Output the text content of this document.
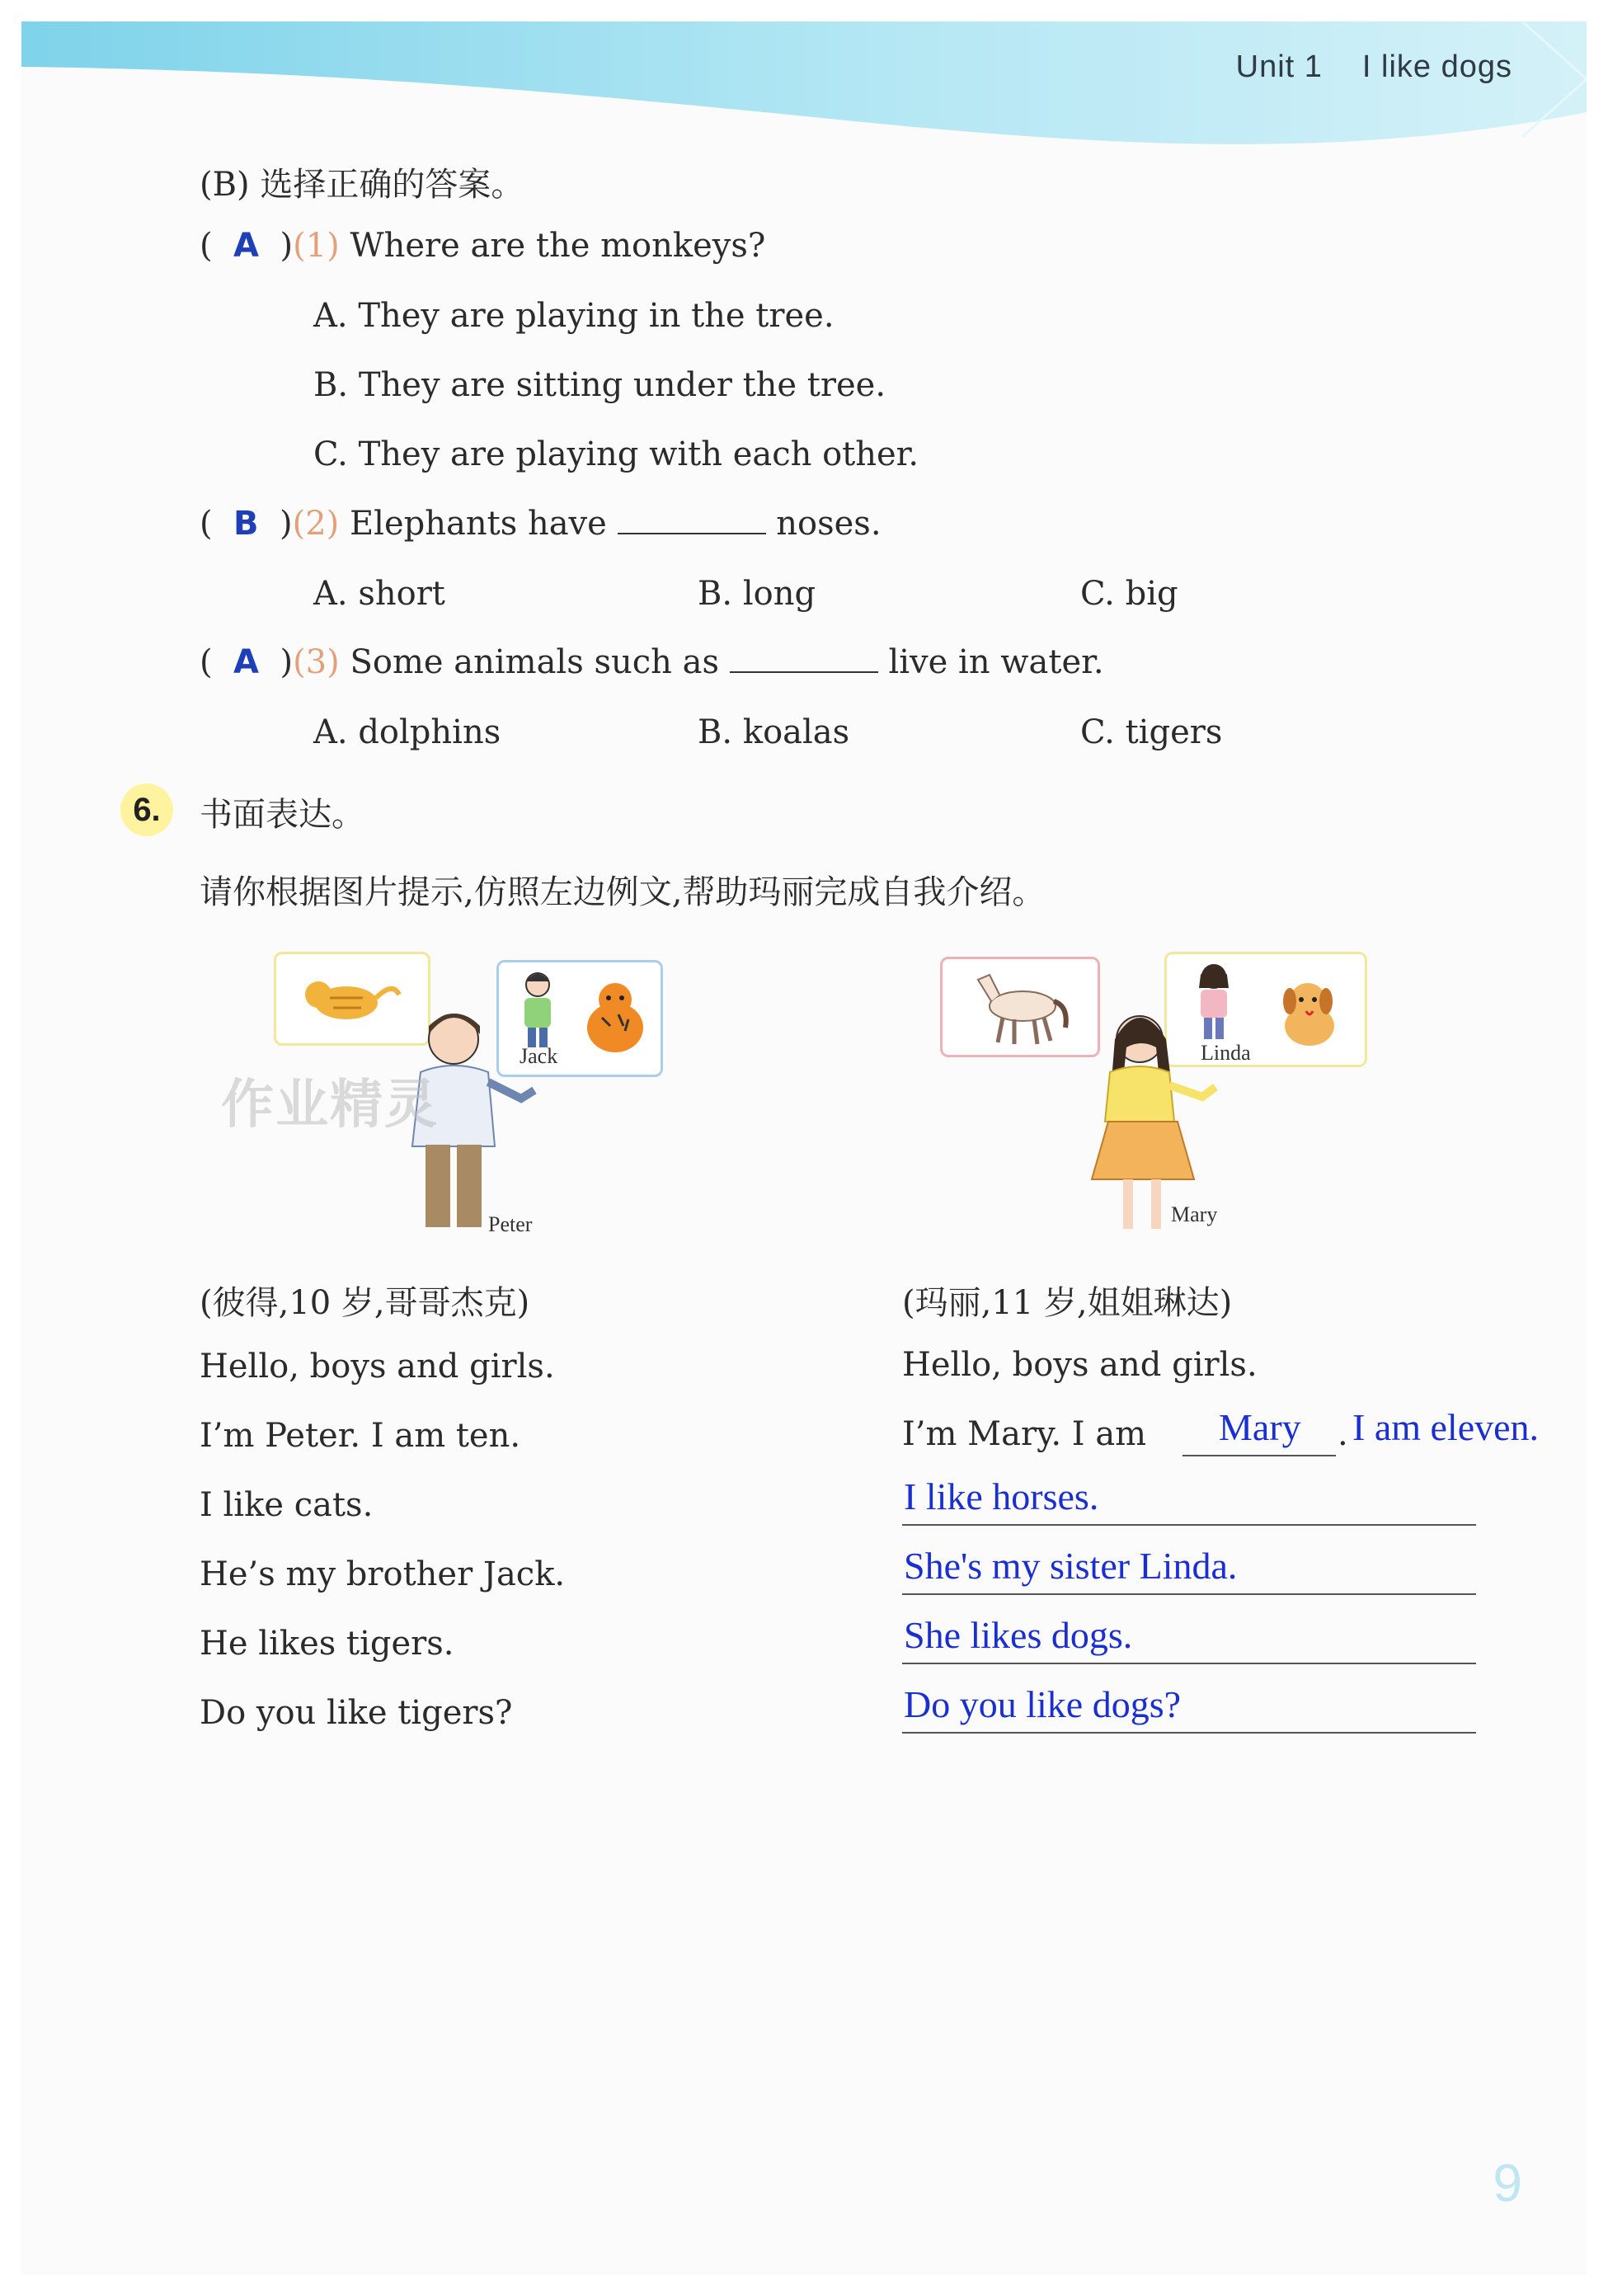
Unit 1 I like dogs
(B) 选择正确的答案。
(  A  )(1) Where are the monkeys?
A. They are playing in the tree.
B. They are sitting under the tree.
C. They are playing with each other.
(  B  )(2) Elephants have	noses.
A. short	B. long	C. big
(  A  )(3) Some animals such as	live in water.
A. dolphins	B. koalas	C. tigers
6.	书面表达。
请你根据图片提示,仿照左边例文,帮助玛丽完成自我介绍。
Jack
Peter
作业精灵
Linda
Mary
(彼得,10 岁,哥哥杰克)
Hello, boys and girls.
I’m Peter. I am ten.
I like cats.
He’s my brother Jack.
He likes tigers.
Do you like tigers?
(玛丽,11 岁,姐姐琳达)
Hello, boys and girls.
I’m Mary. I am Mary . I am eleven.
I like horses.
She's my sister Linda.
She likes dogs.
Do you like dogs?
9
